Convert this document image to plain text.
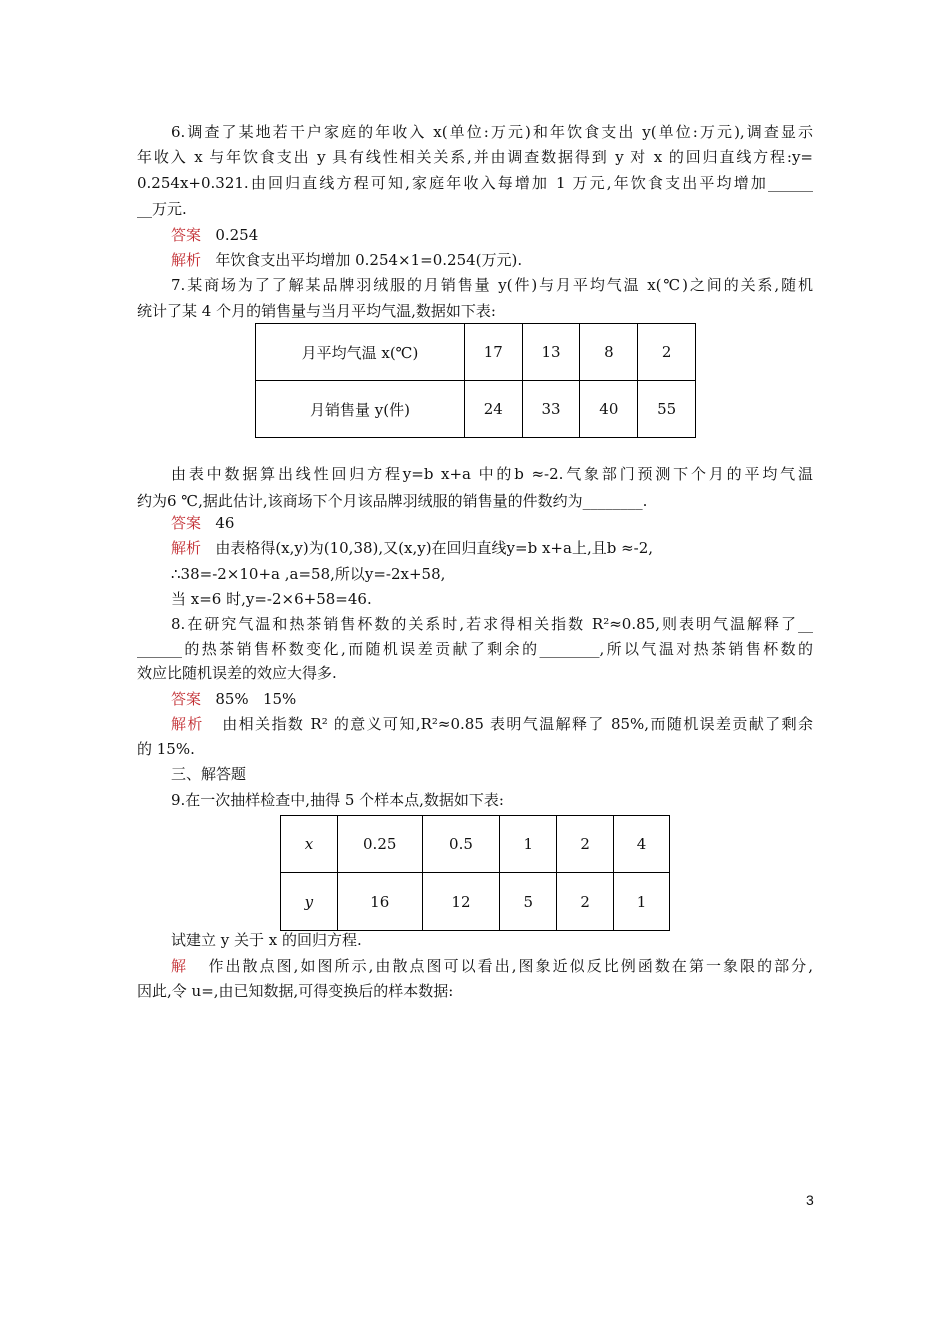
6.调查了某地若干户家庭的年收入 x(单位:万元)和年饮食支出 y(单位:万元),调查显示
年收入 x 与年饮食支出 y 具有线性相关关系,并由调查数据得到 y 对 x 的回归直线方程:y=
0.254x+0.321.由回归直线方程可知,家庭年收入每增加 1 万元,年饮食支出平均增加______
__万元.
答案 0.254
解析 年饮食支出平均增加 0.254×1=0.254(万元).
7.某商场为了了解某品牌羽绒服的月销售量 y(件)与月平均气温 x(℃)之间的关系,随机
统计了某 4 个月的销售量与当月平均气温,数据如下表:
月平均气温 x(℃)	17	13	8	2
月销售量 y(件)	24	33	40	55
由表中数据算出线性回归方程y=b x+a 中的b ≈-2.气象部门预测下个月的平均气温
约为6 ℃,据此估计,该商场下个月该品牌羽绒服的销售量的件数约为________.
答案 46
解析 由表格得(x,y)为(10,38),又(x,y)在回归直线y=b x+a上,且b ≈-2,
∴38=-2×10+a ,a=58,所以y=-2x+58,
当 x=6 时,y=-2×6+58=46.
8.在研究气温和热茶销售杯数的关系时,若求得相关指数 R²≈0.85,则表明气温解释了__
______的热茶销售杯数变化,而随机误差贡献了剩余的________,所以气温对热茶销售杯数的
效应比随机误差的效应大得多.
答案 85%   15%
解析 由相关指数 R² 的意义可知,R²≈0.85 表明气温解释了 85%,而随机误差贡献了剩余
的 15%.
三、解答题
9.在一次抽样检查中,抽得 5 个样本点,数据如下表:
x	0.25	0.5	1	2	4
y	16	12	5	2	1
试建立 y 关于 x 的回归方程.
解 作出散点图,如图所示,由散点图可以看出,图象近似反比例函数在第一象限的部分,
因此,令 u=,由已知数据,可得变换后的样本数据:
3
